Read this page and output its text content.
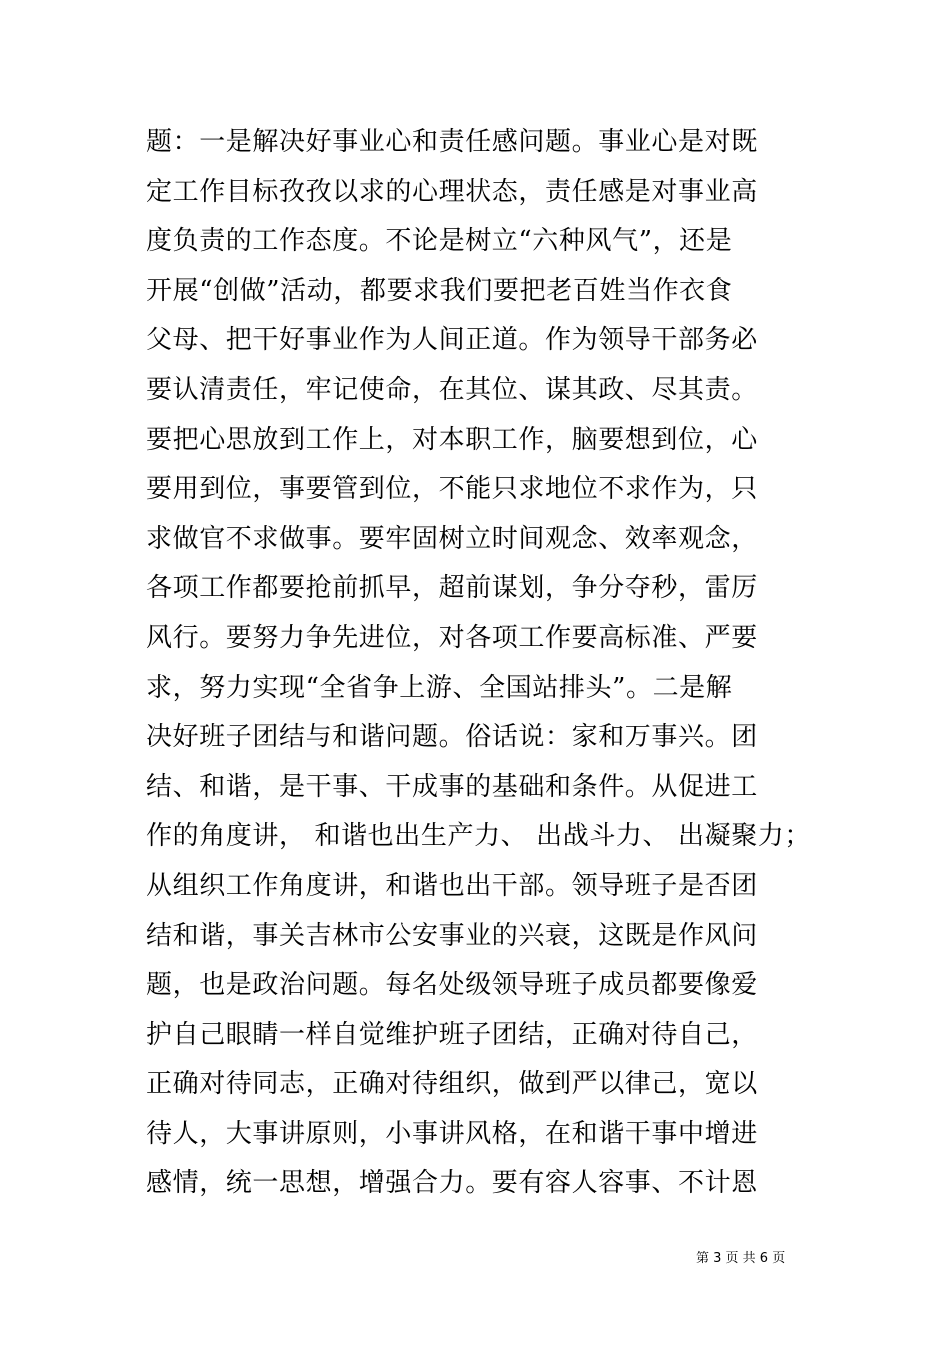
题：一是解决好事业心和责任感问题。事业心是对既
定工作目标孜孜以求的心理状态，责任感是对事业高
度负责的工作态度。不论是树立“六种风气”，还是
开展“创做”活动，都要求我们要把老百姓当作衣食
父母、把干好事业作为人间正道。作为领导干部务必
要认清责任，牢记使命，在其位、谋其政、尽其责。
要把心思放到工作上，对本职工作，脑要想到位，心
要用到位，事要管到位，不能只求地位不求作为，只
求做官不求做事。要牢固树立时间观念、效率观念，
各项工作都要抢前抓早，超前谋划，争分夺秒，雷厉
风行。要努力争先进位，对各项工作要高标准、严要
求，努力实现“全省争上游、全国站排头”。二是解
决好班子团结与和谐问题。俗话说：家和万事兴。团
结、和谐，是干事、干成事的基础和条件。从促进工
作的角度讲， 和谐也出生产力、 出战斗力、 出凝聚力；
从组织工作角度讲，和谐也出干部。领导班子是否团
结和谐，事关吉林市公安事业的兴衰，这既是作风问
题，也是政治问题。每名处级领导班子成员都要像爱
护自己眼睛一样自觉维护班子团结，正确对待自己，
正确对待同志，正确对待组织，做到严以律己，宽以
待人，大事讲原则，小事讲风格，在和谐干事中增进
感情，统一思想，增强合力。要有容人容事、不计恩
第 3 页 共 6 页
